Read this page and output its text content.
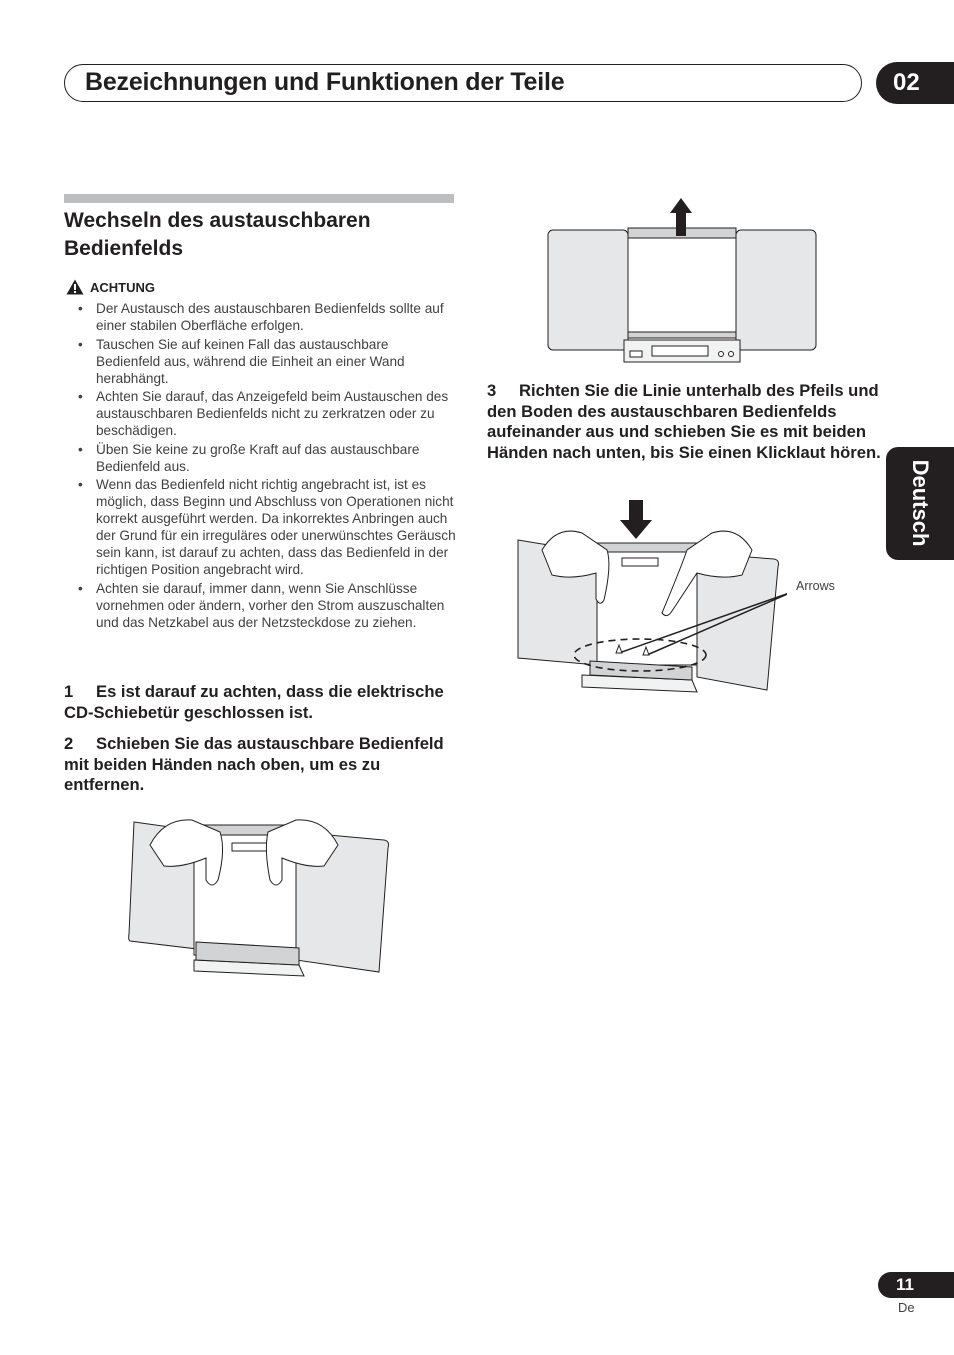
Bezeichnungen und Funktionen der Teile	02
Deutsch
Wechseln des austauschbaren Bedienfelds
ACHTUNG
• Der Austausch des austauschbaren Bedienfelds sollte auf einer stabilen Oberfläche erfolgen.
• Tauschen Sie auf keinen Fall das austauschbare Bedienfeld aus, während die Einheit an einer Wand herabhängt.
• Achten Sie darauf, das Anzeigefeld beim Austauschen des austauschbaren Bedienfelds nicht zu zerkratzen oder zu beschädigen.
• Üben Sie keine zu große Kraft auf das austauschbare Bedienfeld aus.
• Wenn das Bedienfeld nicht richtig angebracht ist, ist es möglich, dass Beginn und Abschluss von Operationen nicht korrekt ausgeführt werden. Da inkorrektes Anbringen auch der Grund für ein irreguläres oder unerwünschtes Geräusch sein kann, ist darauf zu achten, dass das Bedienfeld in der richtigen Position angebracht wird.
• Achten sie darauf, immer dann, wenn Sie Anschlüsse vornehmen oder ändern, vorher den Strom auszuschalten und das Netzkabel aus der Netzsteckdose zu ziehen.
1 Es ist darauf zu achten, dass die elektrische CD-Schiebetür geschlossen ist.
2 Schieben Sie das austauschbare Bedienfeld mit beiden Händen nach oben, um es zu entfernen.
3 Richten Sie die Linie unterhalb des Pfeils und den Boden des austauschbaren Bedienfelds aufeinander aus und schieben Sie es mit beiden Händen nach unten, bis Sie einen Klicklaut hören.
Arrows
11
De
